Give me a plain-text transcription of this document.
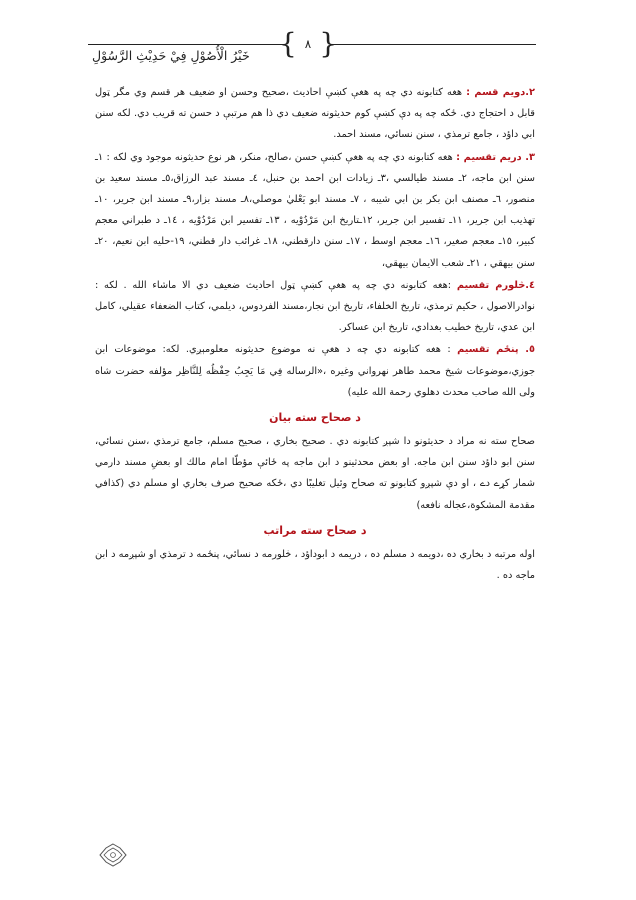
{ ٨ }
خَيْرُ الْأُصُوْلِ فِيْ حَدِيْثِ الرَّسُوْلِ

٢.دويم قسم : هغه كتابونه دي چه په هغې كښې احاديث ،صحيح وحسن او ضعيف هر قسم وي مگر ټول قابل د احتجاج دي. ځكه چه په دې كښې كوم حديثونه ضعيف دي ذا هم مرتبې د حسن ته قريب دي. لكه سنن ابي داؤد ، جامع ترمذي ، سنن نسائي، مسند احمد.

٣. دريم تقسيم : هغه كتابونه دي چه په هغې كښې حسن ،صالح، منكر، هر نوع حديثونه موجود وي لكه : ١ـ سنن ابن ماجه، ٢ـ مسند طيالسي ،٣ـ زيادات ابن احمد بن حنبل، ٤ـ مسند عبد الرزاق،٥ـ مسند سعيد بن منصور، ٦ـ مصنف ابن بكر بن ابي شيبه ، ٧ـ مسند ابو يَعْليٰ موصلي،٨ـ مسند بزار،٩ـ مسند ابن جرير، ١٠ـ تهذيب ابن جرير، ١١ـ تفسير ابن جرير، ١٢ـتاريخ ابن مَرْدُوْيه ، ١٣ـ تفسير ابن مَرْدُوْيه ، ١٤ـ د طبراني معجم كبير، ١٥ـ معجم صغير، ١٦ـ معجم اوسط ، ١٧ـ سنن دارقطني، ١٨ـ غرائب دار قطني، ١٩-حليه ابن نعيم، ٢٠ـ سنن بيهقي ، ٢١ـ شعب الايمان بيهقي،

٤.څلورم تقسيم :هغه كتابونه دي چه په هغې كښې ټول احاديث ضعيف دي الا ماشاء الله . لكه : نوادرالاصول ، حكيم ترمذي، تاريخ الخلفاء، تاريخ ابن نجار،مسند الفردوس، ديلمي، كتاب الضعفاء عقيلي، كامل ابن عدي، تاريخ خطيب بغدادي، تاريخ ابن عساكر.

٥. پنځم تقسيم : هغه كتابونه دي چه د هغې نه موضوع حديثونه معلومېږي. لكه: موضوعات ابن جوزي،موضوعات شيخ محمد طاهر نهرواني وغيره ،«الرساله فِي مَا يَجِبُ حِفْظُه لِلنَّاظِر مؤلفه حضرت شاه ولی الله صاحب محدث دهلوي رحمة الله عليه)

د صحاح سته بيان

صحاح سته نه مراد د حديثونو دا شپږ كتابونه دي . صحيح بخاري ، صحيح مسلم، جامع ترمذي ،سنن نسائي، سنن ابو داؤد سنن ابن ماجه. او بعض محدثينو د ابن ماجه په ځائې مؤطّا امام مالك او بعضِ مسند دارمي شمار كړے دے ، او دې شپږو كتابونو ته صحاح وئيل تغليبًا دي ،ځكه صحيح صرف بخاري او مسلم دي (كذافي مقدمة المشكوة،عجاله نافعه)

د صحاح سته مراتب

اوله مرتبه د بخاري ده ،دويمه د مسلم ده ، دريمه د ابوداؤد ، څلورمه د نسائي، پنځمه د ترمذي او شپږمه د ابن ماجه ده .
